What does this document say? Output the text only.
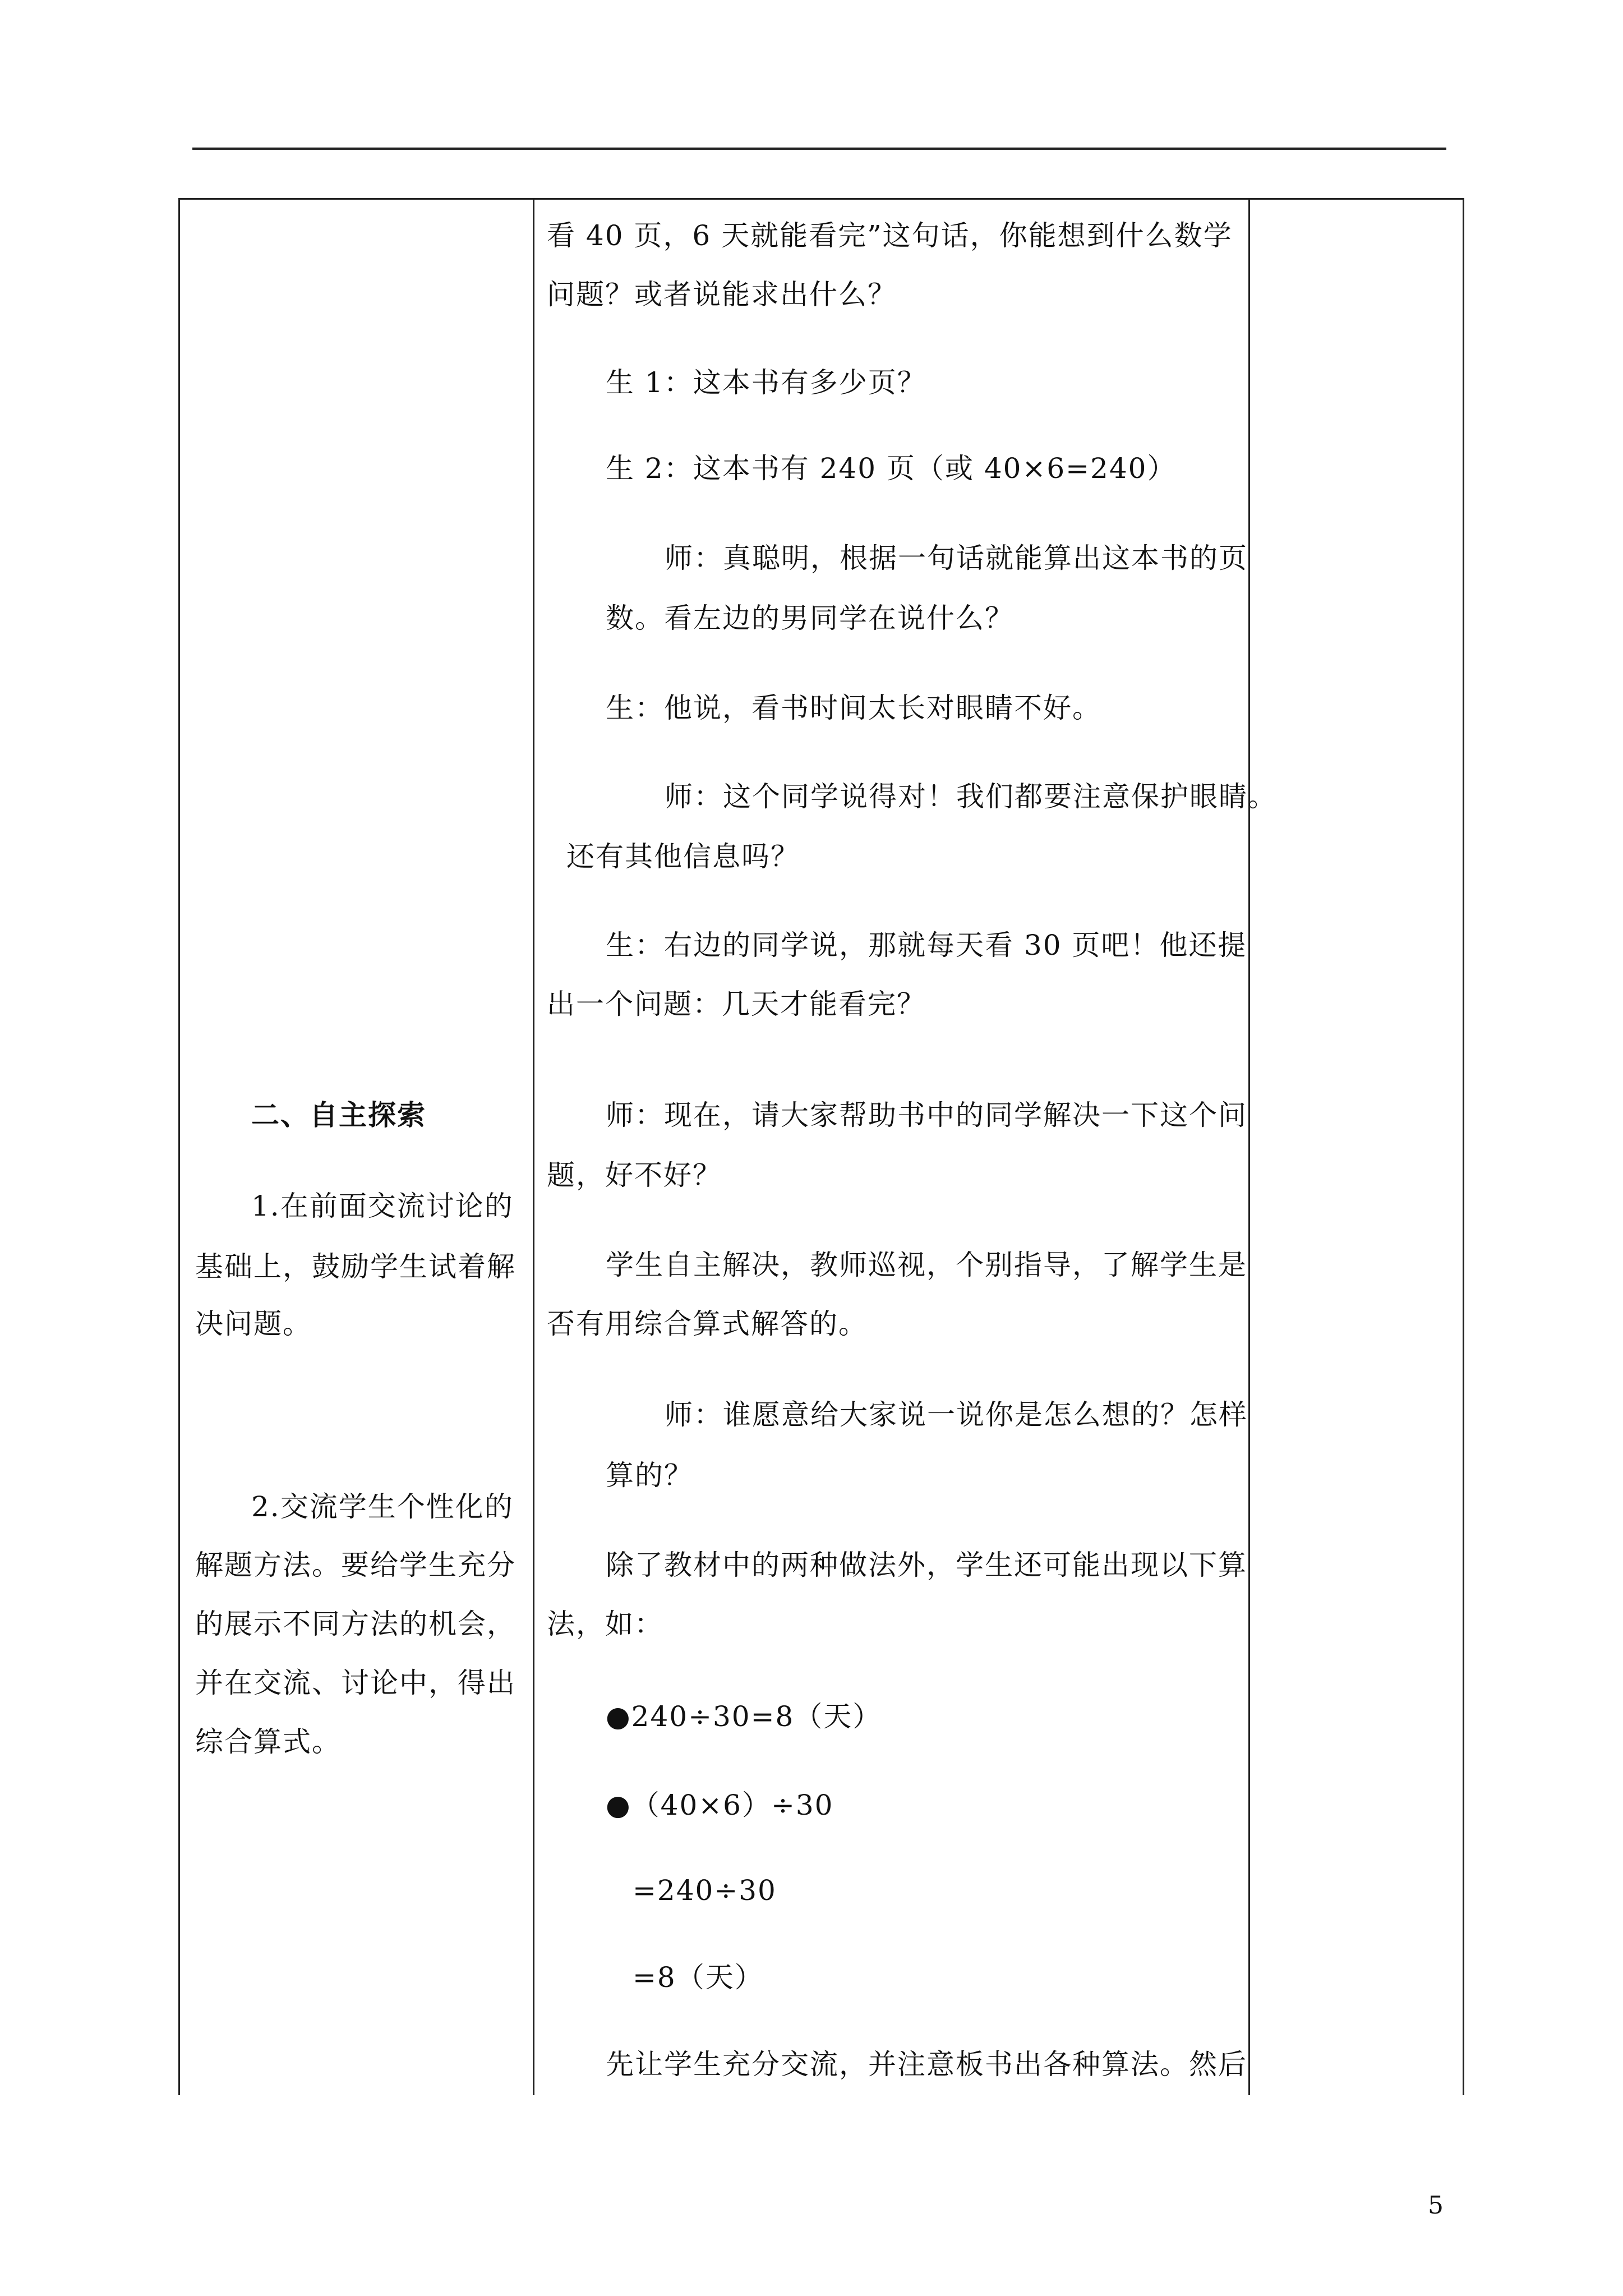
二、自主探索
1.在前面交流讨论的
基础上，鼓励学生试着解
决问题。
2.交流学生个性化的
解题方法。要给学生充分
的展示不同方法的机会，
并在交流、讨论中，得出
综合算式。
看 40 页，6 天就能看完”这句话，你能想到什么数学
问题？或者说能求出什么？
生 1：这本书有多少页？
生 2：这本书有 240 页（或 40×6=240）
师：真聪明，根据一句话就能算出这本书的页
数。看左边的男同学在说什么？
生：他说，看书时间太长对眼睛不好。
师：这个同学说得对！我们都要注意保护眼睛。
还有其他信息吗？
生：右边的同学说，那就每天看 30 页吧！他还提
出一个问题：几天才能看完？
师：现在，请大家帮助书中的同学解决一下这个问
题，好不好？
学生自主解决，教师巡视，个别指导，了解学生是
否有用综合算式解答的。
师：谁愿意给大家说一说你是怎么想的？怎样
算的？
除了教材中的两种做法外，学生还可能出现以下算
法，如：
●240÷30=8（天）
●（40×6）÷30
=240÷30
=8（天）
先让学生充分交流，并注意板书出各种算法。然后
5
